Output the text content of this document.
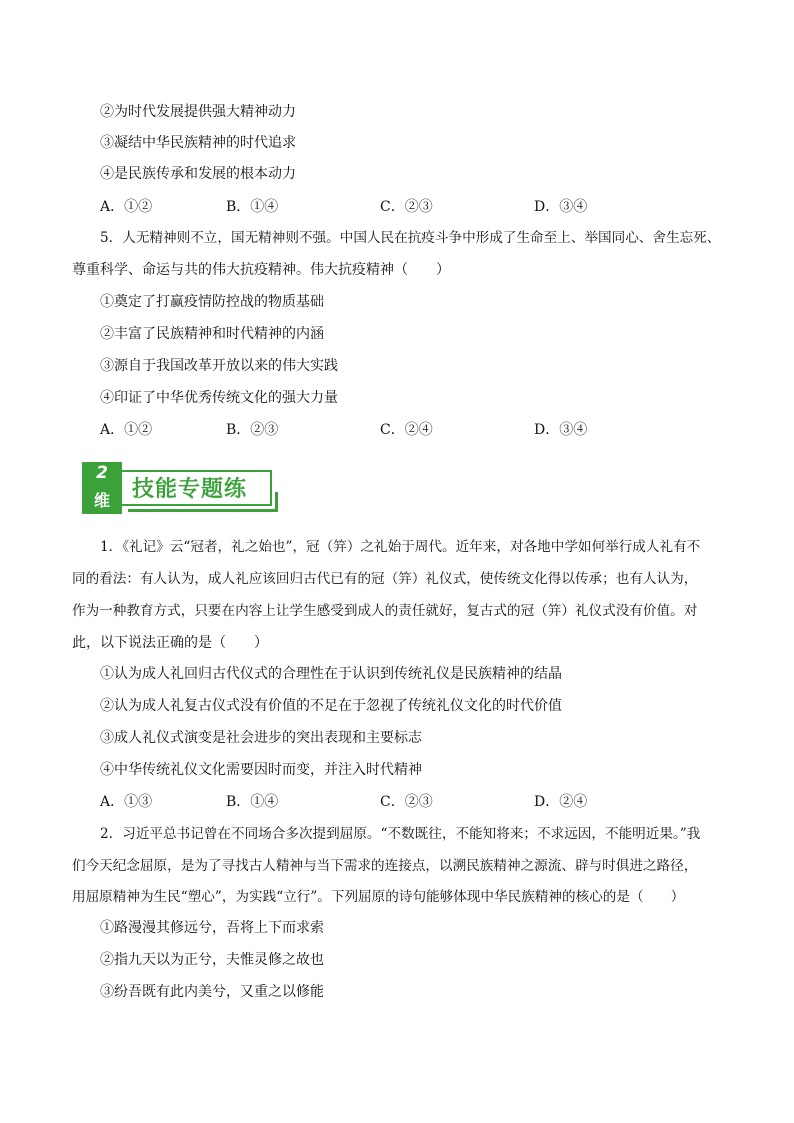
②为时代发展提供强大精神动力
③凝结中华民族精神的时代追求
④是民族传承和发展的根本动力
A．①②	B．①④	C．②③	D．③④
5．人无精神则不立，国无精神则不强。中国人民在抗疫斗争中形成了生命至上、举国同心、舍生忘死、
尊重科学、命运与共的伟大抗疫精神。伟大抗疫精神（　　）
①奠定了打赢疫情防控战的物质基础
②丰富了民族精神和时代精神的内涵
③源自于我国改革开放以来的伟大实践
④印证了中华优秀传统文化的强大力量
A．①②	B．②③	C．②④	D．③④
技能专题练
2
维
1．《礼记》云“冠者，礼之始也”，冠（笄）之礼始于周代。近年来，对各地中学如何举行成人礼有不
同的看法：有人认为，成人礼应该回归古代已有的冠（笄）礼仪式，使传统文化得以传承；也有人认为，
作为一种教育方式，只要在内容上让学生感受到成人的责任就好，复古式的冠（笄）礼仪式没有价值。对
此，以下说法正确的是（　　）
①认为成人礼回归古代仪式的合理性在于认识到传统礼仪是民族精神的结晶
②认为成人礼复古仪式没有价值的不足在于忽视了传统礼仪文化的时代价值
③成人礼仪式演变是社会进步的突出表现和主要标志
④中华传统礼仪文化需要因时而变，并注入时代精神
A．①③	B．①④	C．②③	D．②④
2．习近平总书记曾在不同场合多次提到屈原。“不数既往，不能知将来；不求远因，不能明近果。”我
们今天纪念屈原，是为了寻找古人精神与当下需求的连接点，以溯民族精神之源流、辟与时俱进之路径，
用屈原精神为生民“塑心”，为实践“立行”。下列屈原的诗句能够体现中华民族精神的核心的是（　　）
①路漫漫其修远兮，吾将上下而求索
②指九天以为正兮，夫惟灵修之故也
③纷吾既有此内美兮，又重之以修能
